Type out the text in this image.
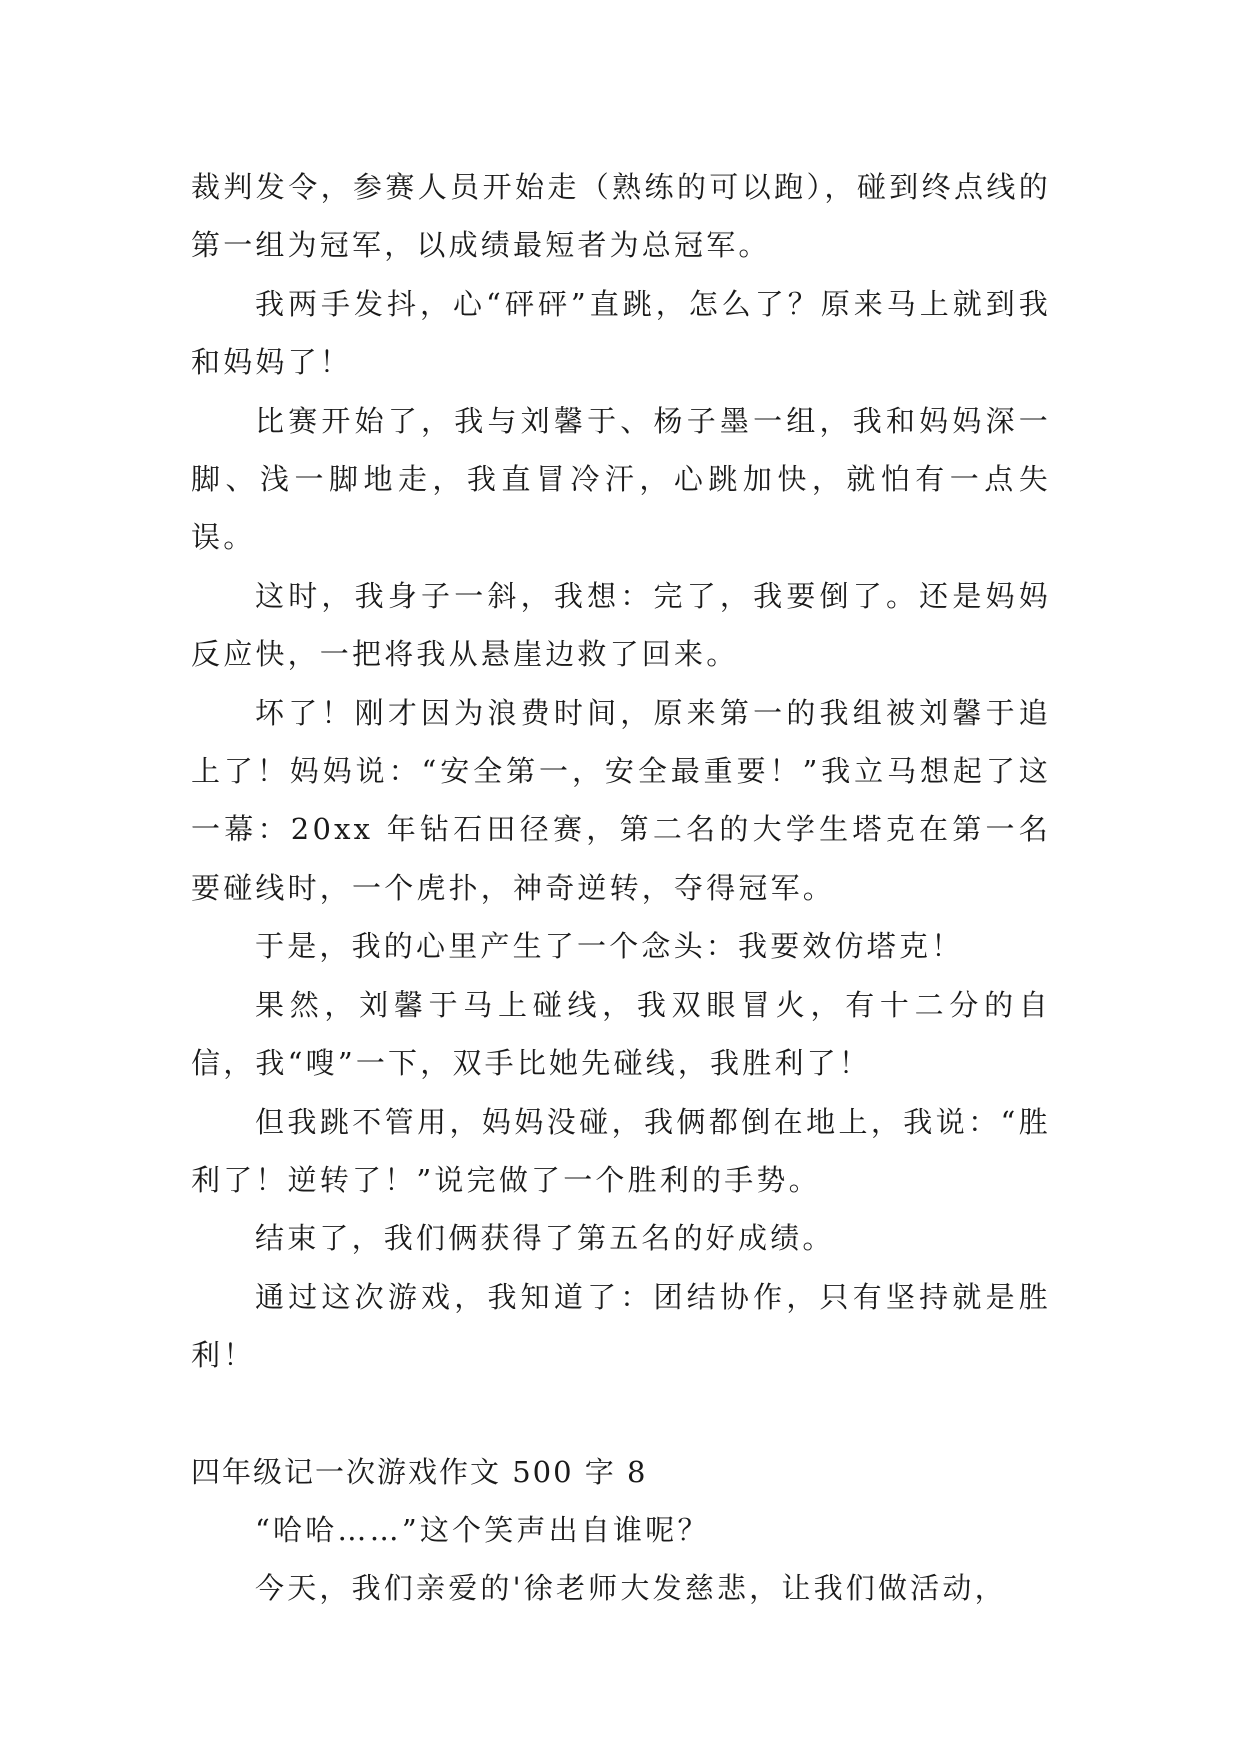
裁判发令，参赛人员开始走（熟练的可以跑），碰到终点线的第一组为冠军，以成绩最短者为总冠军。

我两手发抖，心“砰砰”直跳，怎么了？原来马上就到我和妈妈了！

比赛开始了，我与刘馨于、杨子墨一组，我和妈妈深一脚、浅一脚地走，我直冒冷汗，心跳加快，就怕有一点失误。

这时，我身子一斜，我想：完了，我要倒了。还是妈妈反应快，一把将我从悬崖边救了回来。

坏了！刚才因为浪费时间，原来第一的我组被刘馨于追上了！妈妈说：“安全第一，安全最重要！”我立马想起了这一幕：20xx 年钻石田径赛，第二名的大学生塔克在第一名要碰线时，一个虎扑，神奇逆转，夺得冠军。

于是，我的心里产生了一个念头：我要效仿塔克！

果然，刘馨于马上碰线，我双眼冒火，有十二分的自信，我“嗖”一下，双手比她先碰线，我胜利了！

但我跳不管用，妈妈没碰，我俩都倒在地上，我说：“胜利了！逆转了！”说完做了一个胜利的手势。

结束了，我们俩获得了第五名的好成绩。

通过这次游戏，我知道了：团结协作，只有坚持就是胜利！

四年级记一次游戏作文 500 字 8

“哈哈……”这个笑声出自谁呢？

今天，我们亲爱的'徐老师大发慈悲，让我们做活动，
